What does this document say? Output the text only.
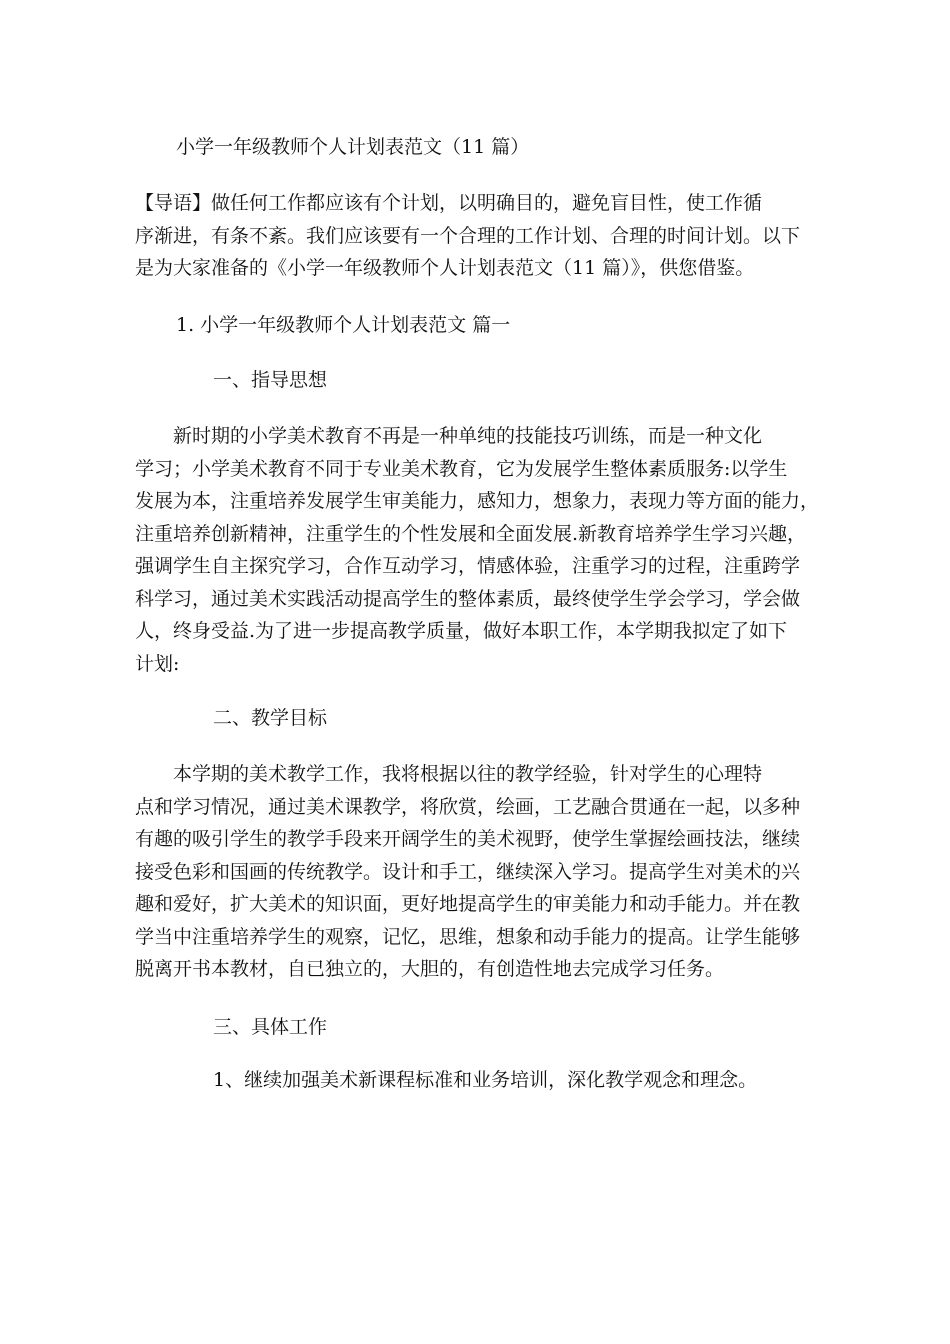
小学一年级教师个人计划表范文（11 篇）
【导语】做任何工作都应该有个计划，以明确目的，避免盲目性，使工作循
序渐进，有条不紊。我们应该要有一个合理的工作计划、合理的时间计划。以下
是为大家准备的《小学一年级教师个人计划表范文（11 篇）》，供您借鉴。
1. 小学一年级教师个人计划表范文 篇一
一、指导思想
　　新时期的小学美术教育不再是一种单纯的技能技巧训练，而是一种文化
学习；小学美术教育不同于专业美术教育，它为发展学生整体素质服务:以学生
发展为本，注重培养发展学生审美能力，感知力，想象力，表现力等方面的能力，
注重培养创新精神，注重学生的个性发展和全面发展.新教育培养学生学习兴趣，
强调学生自主探究学习，合作互动学习，情感体验，注重学习的过程，注重跨学
科学习，通过美术实践活动提高学生的整体素质，最终使学生学会学习，学会做
人，终身受益.为了进一步提高教学质量，做好本职工作，本学期我拟定了如下
计划:
二、教学目标
　　本学期的美术教学工作，我将根据以往的教学经验，针对学生的心理特
点和学习情况，通过美术课教学，将欣赏，绘画，工艺融合贯通在一起，以多种
有趣的吸引学生的教学手段来开阔学生的美术视野，使学生掌握绘画技法，继续
接受色彩和国画的传统教学。设计和手工，继续深入学习。提高学生对美术的兴
趣和爱好，扩大美术的知识面，更好地提高学生的审美能力和动手能力。并在教
学当中注重培养学生的观察，记忆，思维，想象和动手能力的提高。让学生能够
脱离开书本教材，自已独立的，大胆的，有创造性地去完成学习任务。
三、具体工作
1、继续加强美术新课程标准和业务培训，深化教学观念和理念。
